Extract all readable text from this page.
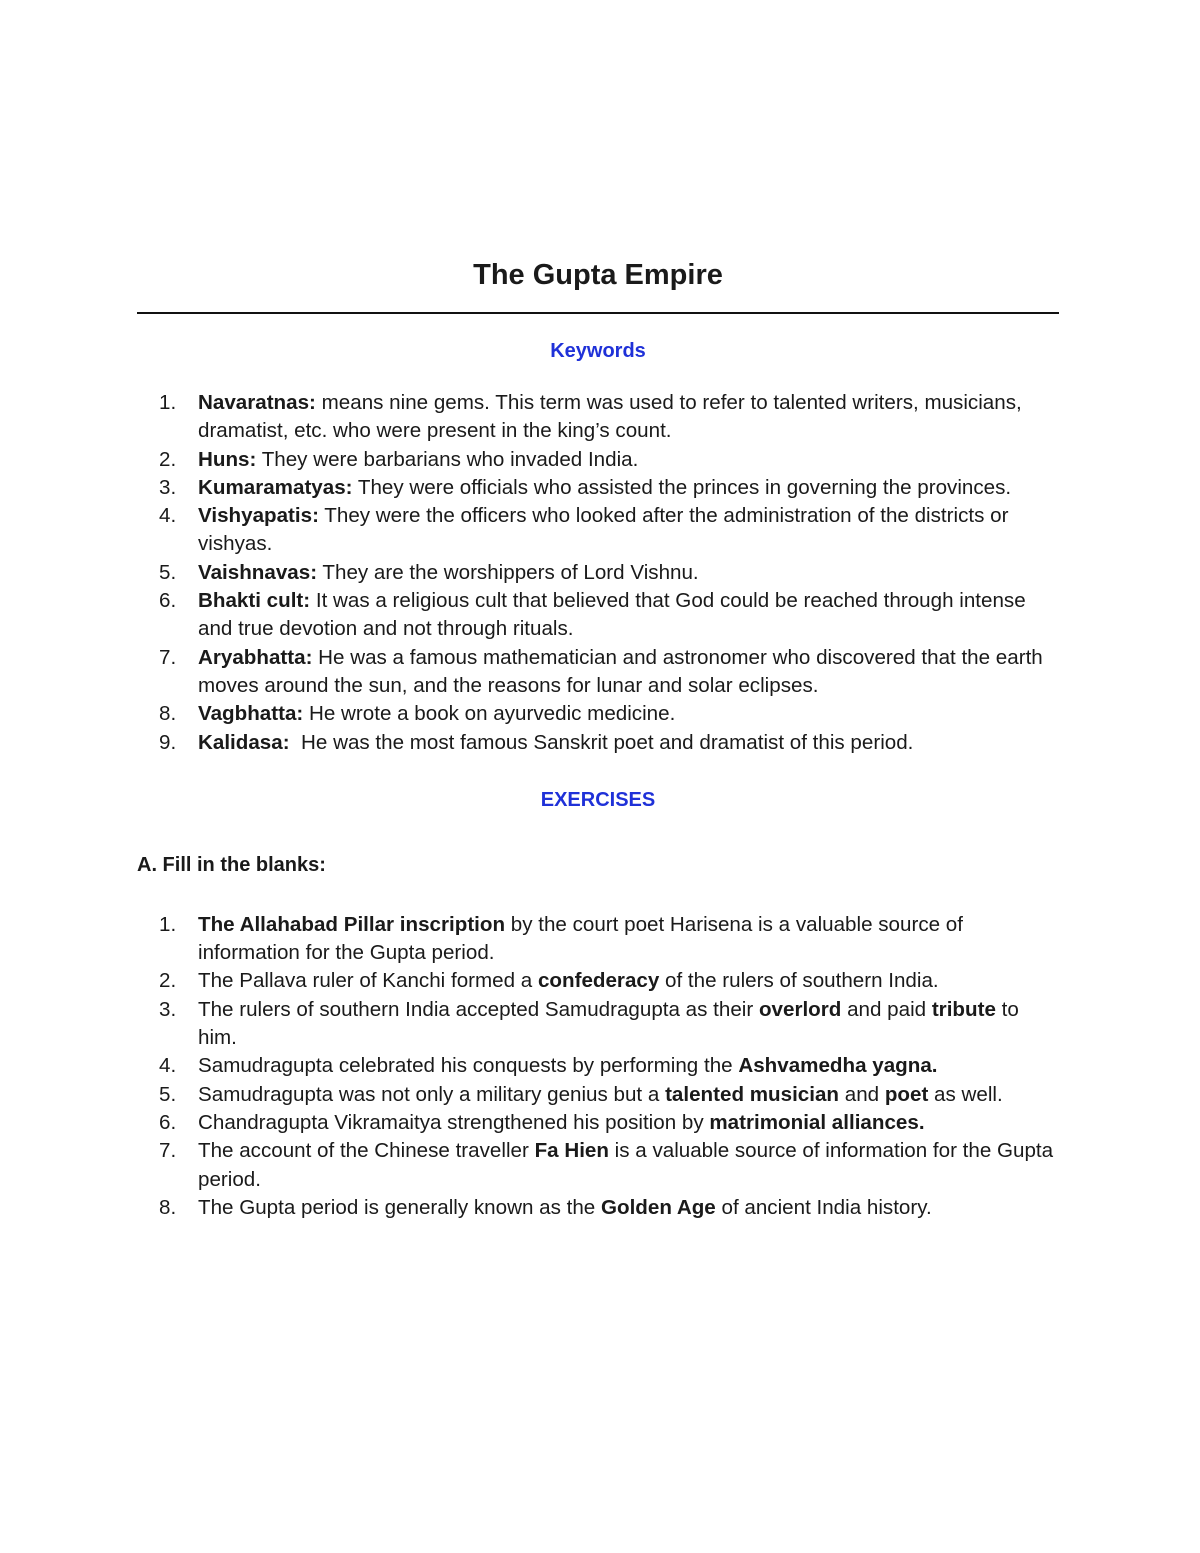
The Gupta Empire
Keywords
1.	Navaratnas: means nine gems. This term was used to refer to talented writers, musicians, dramatist, etc. who were present in the king’s count.
2.	Huns: They were barbarians who invaded India.
3.	Kumaramatyas: They were officials who assisted the princes in governing the provinces.
4.	Vishyapatis: They were the officers who looked after the administration of the districts or vishyas.
5.	Vaishnavas: They are the worshippers of Lord Vishnu.
6.	Bhakti cult: It was a religious cult that believed that God could be reached through intense and true devotion and not through rituals.
7.	Aryabhatta: He was a famous mathematician and astronomer who discovered that the earth moves around the sun, and the reasons for lunar and solar eclipses.
8.	Vagbhatta: He wrote a book on ayurvedic medicine.
9.	Kalidasa:  He was the most famous Sanskrit poet and dramatist of this period.
EXERCISES
A. Fill in the blanks:
1.	The Allahabad Pillar inscription by the court poet Harisena is a valuable source of information for the Gupta period.
2.	The Pallava ruler of Kanchi formed a confederacy of the rulers of southern India.
3.	The rulers of southern India accepted Samudragupta as their overlord and paid tribute to him.
4.	Samudragupta celebrated his conquests by performing the Ashvamedha yagna.
5.	Samudragupta was not only a military genius but a talented musician and poet as well.
6.	Chandragupta Vikramaitya strengthened his position by matrimonial alliances.
7.	The account of the Chinese traveller Fa Hien is a valuable source of information for the Gupta period.
8.	The Gupta period is generally known as the Golden Age of ancient India history.
